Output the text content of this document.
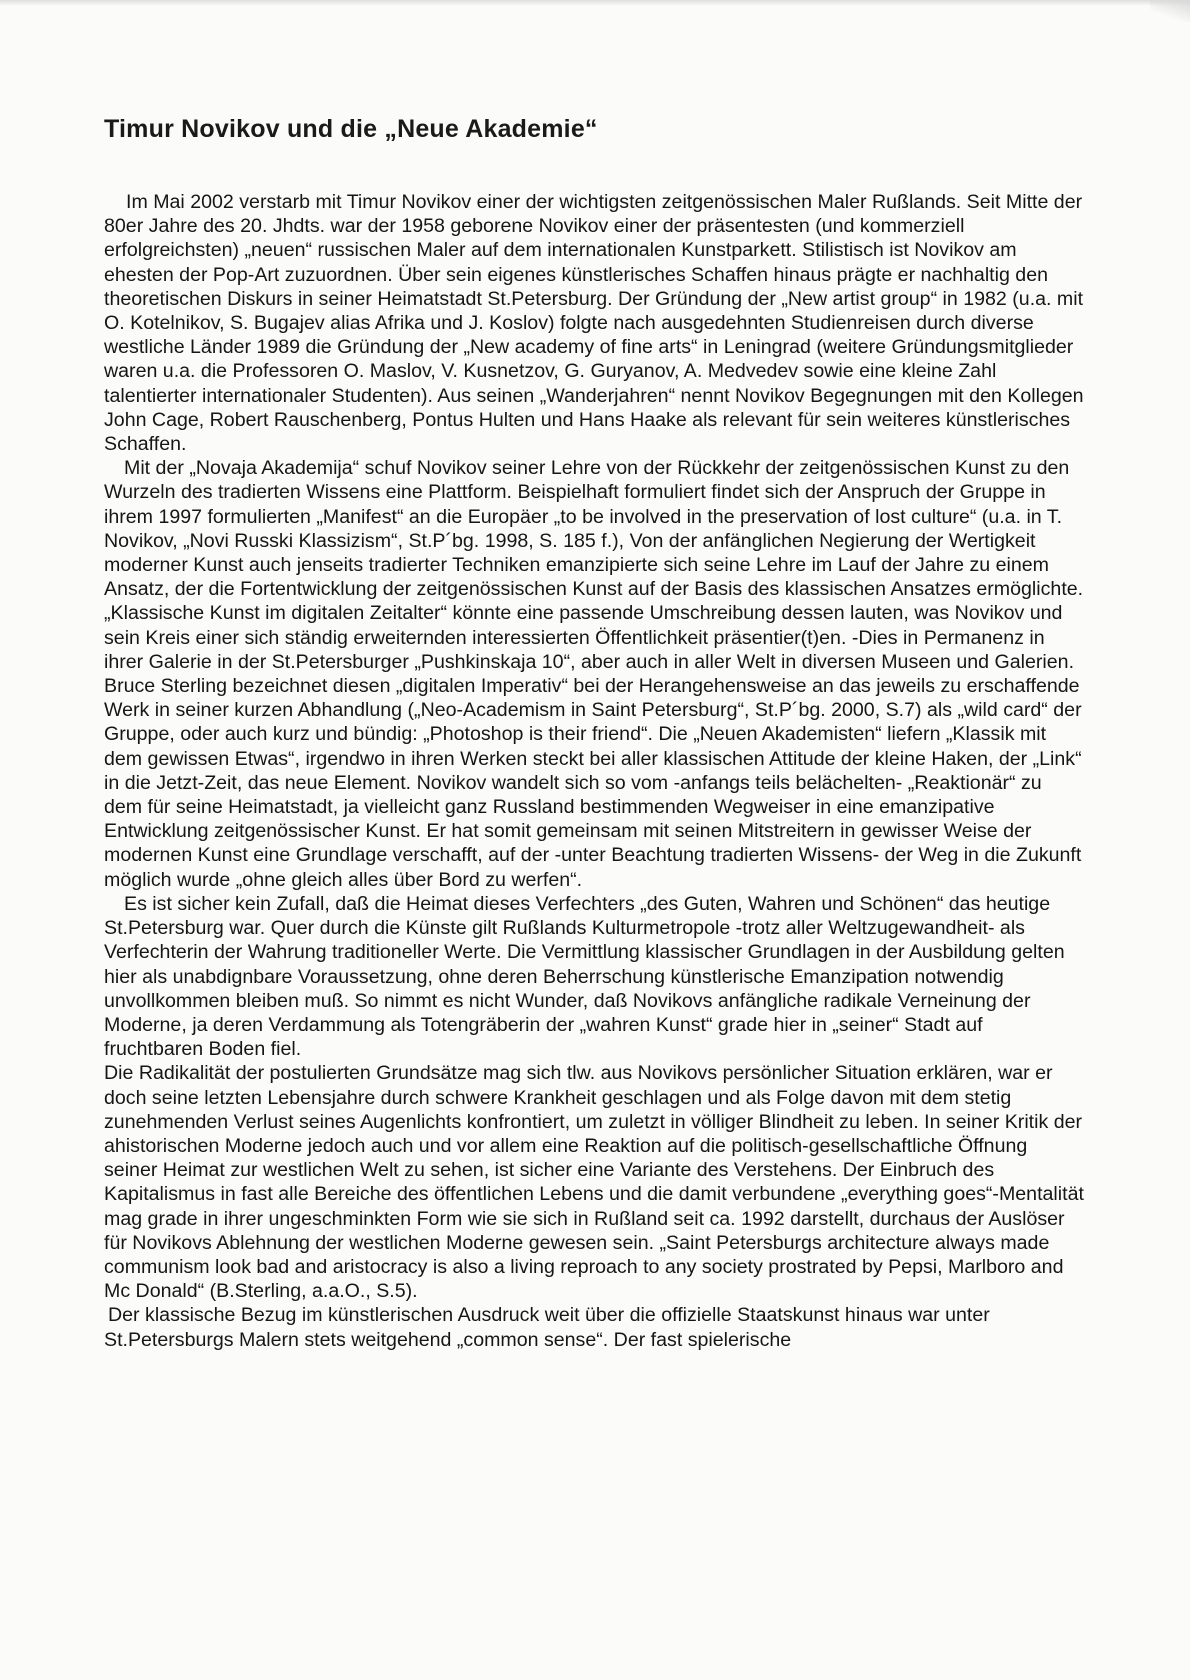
Timur Novikov und die „Neue Akademie“

Im Mai 2002 verstarb mit Timur Novikov einer der wichtigsten zeitgenössischen Maler Rußlands. Seit Mitte der 80er Jahre des 20. Jhdts. war der 1958 geborene Novikov einer der präsentesten (und kommerziell erfolgreichsten) „neuen“ russischen Maler auf dem internationalen Kunstparkett. Stilistisch ist Novikov am ehesten der Pop-Art zuzuordnen. Über sein eigenes künstlerisches Schaffen hinaus prägte er nachhaltig den theoretischen Diskurs in seiner Heimatstadt St.Petersburg. Der Gründung der „New artist group“ in 1982 (u.a. mit O. Kotelnikov, S. Bugajev alias Afrika und J. Koslov) folgte nach ausgedehnten Studienreisen durch diverse westliche Länder 1989 die Gründung der „New academy of fine arts“ in Leningrad (weitere Gründungsmitglieder waren u.a. die Professoren O. Maslov, V. Kusnetzov, G. Guryanov, A. Medvedev sowie eine kleine Zahl talentierter internationaler Studenten). Aus seinen „Wanderjahren“ nennt Novikov Begegnungen mit den Kollegen John Cage, Robert Rauschenberg, Pontus Hulten und Hans Haake als relevant für sein weiteres künstlerisches Schaffen.

Mit der „Novaja Akademija“ schuf Novikov seiner Lehre von der Rückkehr der zeitgenössischen Kunst zu den Wurzeln des tradierten Wissens eine Plattform. Beispielhaft formuliert findet sich der Anspruch der Gruppe in ihrem 1997 formulierten „Manifest“ an die Europäer „to be involved in the preservation of lost culture“ (u.a. in T. Novikov, „Novi Russki Klassizism“, St.P´bg. 1998, S. 185 f.), Von der anfänglichen Negierung der Wertigkeit moderner Kunst auch jenseits tradierter Techniken emanzipierte sich seine Lehre im Lauf der Jahre zu einem Ansatz, der die Fortentwicklung der zeitgenössischen Kunst auf der Basis des klassischen Ansatzes ermöglichte. „Klassische Kunst im digitalen Zeitalter“ könnte eine passende Umschreibung dessen lauten, was Novikov und sein Kreis einer sich ständig erweiternden interessierten Öffentlichkeit präsentier(t)en. -Dies in Permanenz in ihrer Galerie in der St.Petersburger „Pushkinskaja 10“, aber auch in aller Welt in diversen Museen und Galerien. Bruce Sterling bezeichnet diesen „digitalen Imperativ“ bei der Herangehensweise an das jeweils zu erschaffende Werk in seiner kurzen Abhandlung („Neo-Academism in Saint Petersburg“, St.P´bg. 2000, S.7) als „wild card“ der Gruppe, oder auch kurz und bündig: „Photoshop is their friend“. Die „Neuen Akademisten“ liefern „Klassik mit dem gewissen Etwas“, irgendwo in ihren Werken steckt bei aller klassischen Attitude der kleine Haken, der „Link“ in die Jetzt-Zeit, das neue Element. Novikov wandelt sich so vom -anfangs teils belächelten- „Reaktionär“ zu dem für seine Heimatstadt, ja vielleicht ganz Russland bestimmenden Wegweiser in eine emanzipative Entwicklung zeitgenössischer Kunst. Er hat somit gemeinsam mit seinen Mitstreitern in gewisser Weise der modernen Kunst eine Grundlage verschafft, auf der -unter Beachtung tradierten Wissens- der Weg in die Zukunft möglich wurde „ohne gleich alles über Bord zu werfen“.

Es ist sicher kein Zufall, daß die Heimat dieses Verfechters „des Guten, Wahren und Schönen“ das heutige St.Petersburg war. Quer durch die Künste gilt Rußlands Kulturmetropole -trotz aller Weltzugewandheit- als Verfechterin der Wahrung traditioneller Werte. Die Vermittlung klassischer Grundlagen in der Ausbildung gelten hier als unabdignbare Voraussetzung, ohne deren Beherrschung künstlerische Emanzipation notwendig unvollkommen bleiben muß. So nimmt es nicht Wunder, daß Novikovs anfängliche radikale Verneinung der Moderne, ja deren Verdammung als Totengräberin der „wahren Kunst“ grade hier in „seiner“ Stadt auf fruchtbaren Boden fiel.

Die Radikalität der postulierten Grundsätze mag sich tlw. aus Novikovs persönlicher Situation erklären, war er doch seine letzten Lebensjahre durch schwere Krankheit geschlagen und als Folge davon mit dem stetig zunehmenden Verlust seines Augenlichts konfrontiert, um zuletzt in völliger Blindheit zu leben. In seiner Kritik der ahistorischen Moderne jedoch auch und vor allem eine Reaktion auf die politisch-gesellschaftliche Öffnung seiner Heimat zur westlichen Welt zu sehen, ist sicher eine Variante des Verstehens. Der Einbruch des Kapitalismus in fast alle Bereiche des öffentlichen Lebens und die damit verbundene „everything goes“-Mentalität mag grade in ihrer ungeschminkten Form wie sie sich in Rußland seit ca. 1992 darstellt, durchaus der Auslöser für Novikovs Ablehnung der westlichen Moderne gewesen sein. „Saint Petersburgs architecture always made communism look bad and aristocracy is also a living reproach to any society prostrated by Pepsi, Marlboro and Mc Donald“ (B.Sterling, a.a.O., S.5).

Der klassische Bezug im künstlerischen Ausdruck weit über die offizielle Staatskunst hinaus war unter St.Petersburgs Malern stets weitgehend „common sense“. Der fast spielerische
